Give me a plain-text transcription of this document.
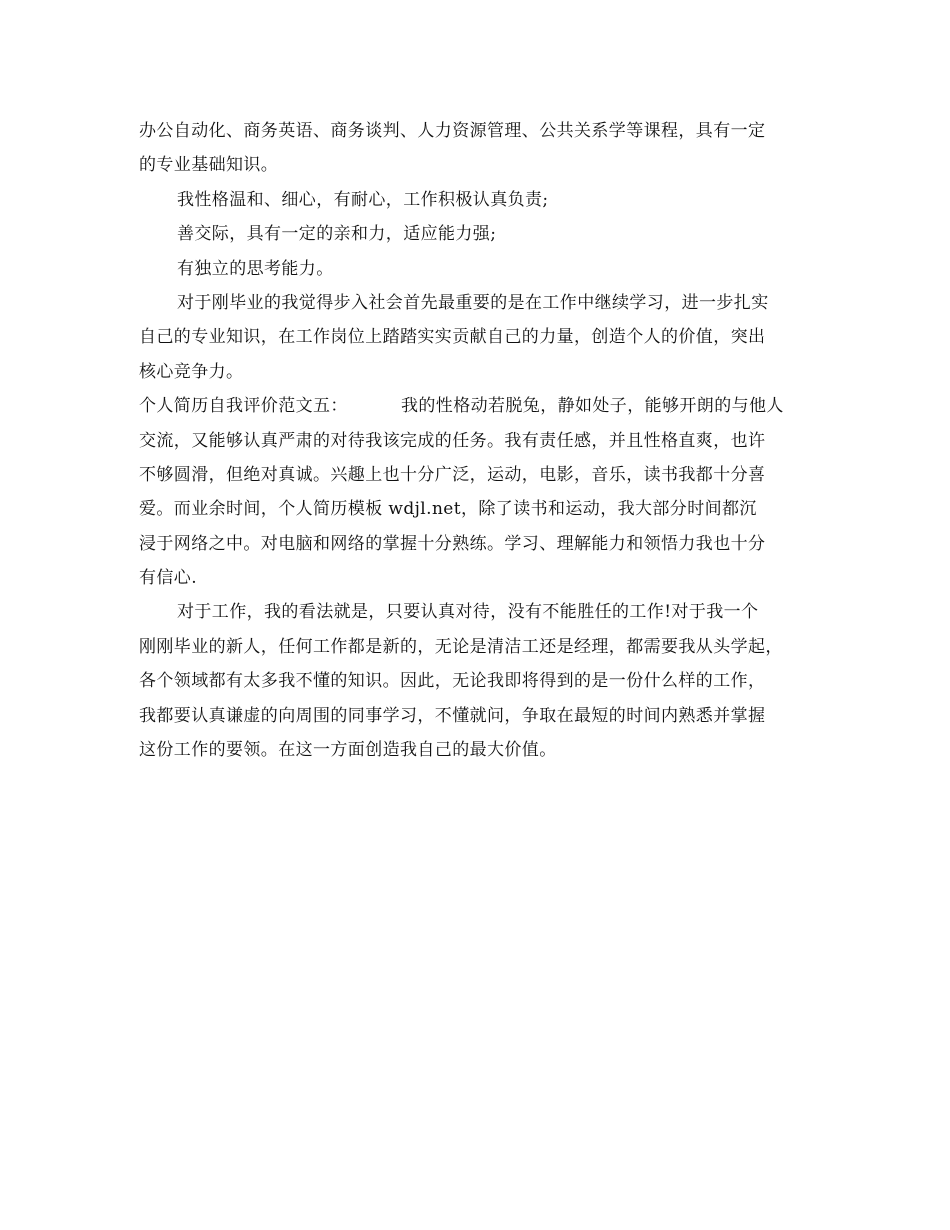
办公自动化、商务英语、商务谈判、人力资源管理、公共关系学等课程，具有一定
的专业基础知识。
我性格温和、细心，有耐心，工作积极认真负责;
善交际，具有一定的亲和力，适应能力强;
有独立的思考能力。
对于刚毕业的我觉得步入社会首先最重要的是在工作中继续学习，进一步扎实
自己的专业知识，在工作岗位上踏踏实实贡献自己的力量，创造个人的价值，突出
核心竞争力。
个人简历自我评价范文五：	我的性格动若脱兔，静如处子，能够开朗的与他人
交流，又能够认真严肃的对待我该完成的任务。我有责任感，并且性格直爽，也许
不够圆滑，但绝对真诚。兴趣上也十分广泛，运动，电影，音乐，读书我都十分喜
爱。而业余时间，个人简历模板 wdjl.net，除了读书和运动，我大部分时间都沉
浸于网络之中。对电脑和网络的掌握十分熟练。学习、理解能力和领悟力我也十分
有信心.
对于工作，我的看法就是，只要认真对待，没有不能胜任的工作!对于我一个
刚刚毕业的新人，任何工作都是新的，无论是清洁工还是经理，都需要我从头学起，
各个领域都有太多我不懂的知识。因此，无论我即将得到的是一份什么样的工作，
我都要认真谦虚的向周围的同事学习，不懂就问，争取在最短的时间内熟悉并掌握
这份工作的要领。在这一方面创造我自己的最大价值。
